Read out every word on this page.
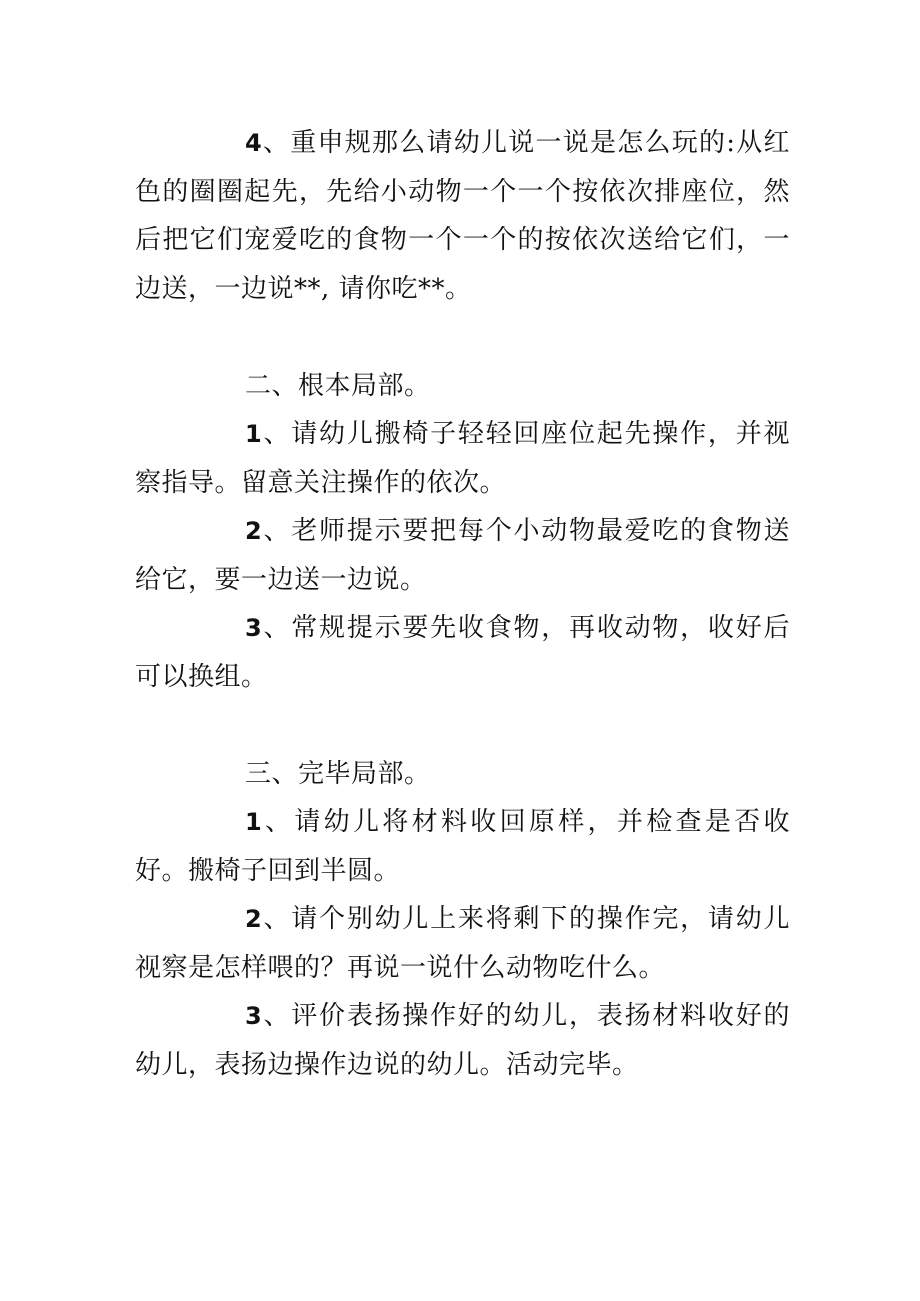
4、重申规那么请幼儿说一说是怎么玩的:从红色的圈圈起先，先给小动物一个一个按依次排座位，然后把它们宠爱吃的食物一个一个的按依次送给它们，一边送，一边说**, 请你吃**。

二、根本局部。

1、请幼儿搬椅子轻轻回座位起先操作，并视察指导。留意关注操作的依次。

2、老师提示要把每个小动物最爱吃的食物送给它，要一边送一边说。

3、常规提示要先收食物，再收动物，收好后可以换组。

三、完毕局部。

1、请幼儿将材料收回原样，并检查是否收好。搬椅子回到半圆。

2、请个别幼儿上来将剩下的操作完，请幼儿视察是怎样喂的？再说一说什么动物吃什么。

3、评价表扬操作好的幼儿，表扬材料收好的幼儿，表扬边操作边说的幼儿。活动完毕。
